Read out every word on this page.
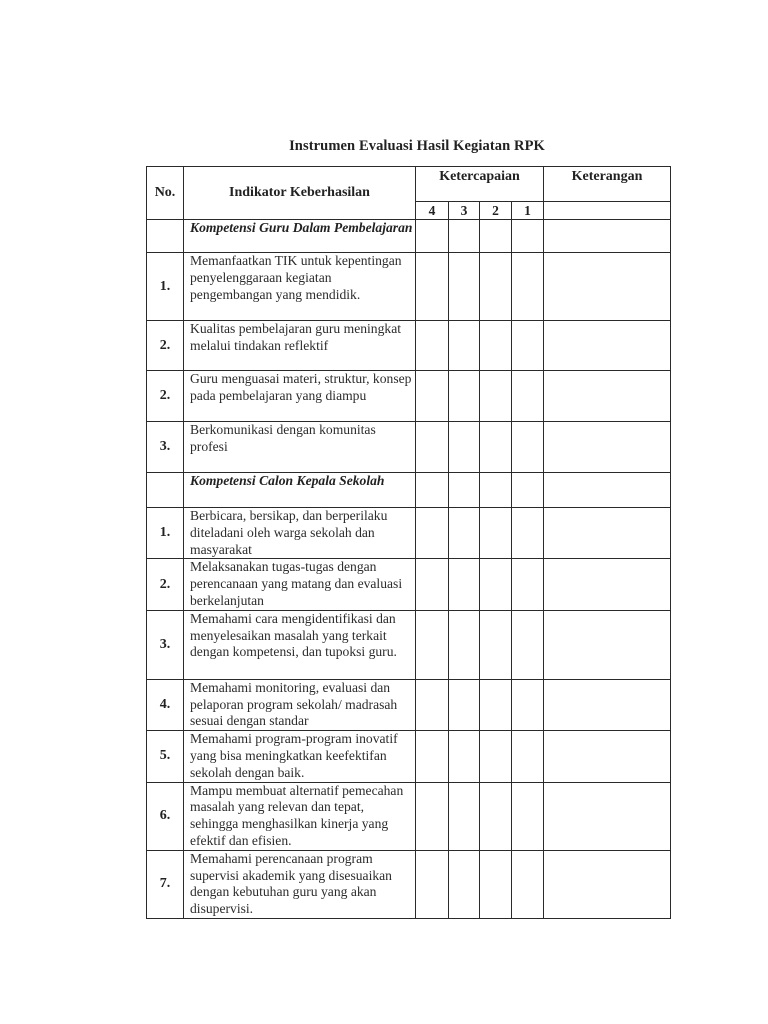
Instrumen Evaluasi Hasil Kegiatan RPK
No.	Indikator Keberhasilan	Ketercapaian				Keterangan
		4	3	2	1	
	Kompetensi Guru Dalam Pembelajaran					
1.	Memanfaatkan TIK untuk kepentingan penyelenggaraan kegiatan pengembangan yang mendidik.					
2.	Kualitas pembelajaran guru meningkat melalui tindakan reflektif					
2.	Guru menguasai materi, struktur, konsep pada pembelajaran yang diampu					
3.	Berkomunikasi dengan komunitas profesi					
	Kompetensi Calon Kepala Sekolah					
1.	Berbicara, bersikap, dan berperilaku diteladani oleh warga sekolah dan masyarakat					
2.	Melaksanakan tugas-tugas dengan perencanaan yang matang dan evaluasi berkelanjutan					
3.	Memahami cara mengidentifikasi dan menyelesaikan masalah yang terkait dengan kompetensi, dan tupoksi guru.					
4.	Memahami monitoring, evaluasi dan pelaporan program sekolah/ madrasah sesuai dengan standar					
5.	Memahami program-program inovatif yang bisa meningkatkan keefektifan sekolah dengan baik.					
6.	Mampu membuat alternatif pemecahan masalah yang relevan dan tepat, sehingga menghasilkan kinerja yang efektif dan efisien.					
7.	Memahami perencanaan program supervisi akademik yang disesuaikan dengan kebutuhan guru yang akan disupervisi.					
